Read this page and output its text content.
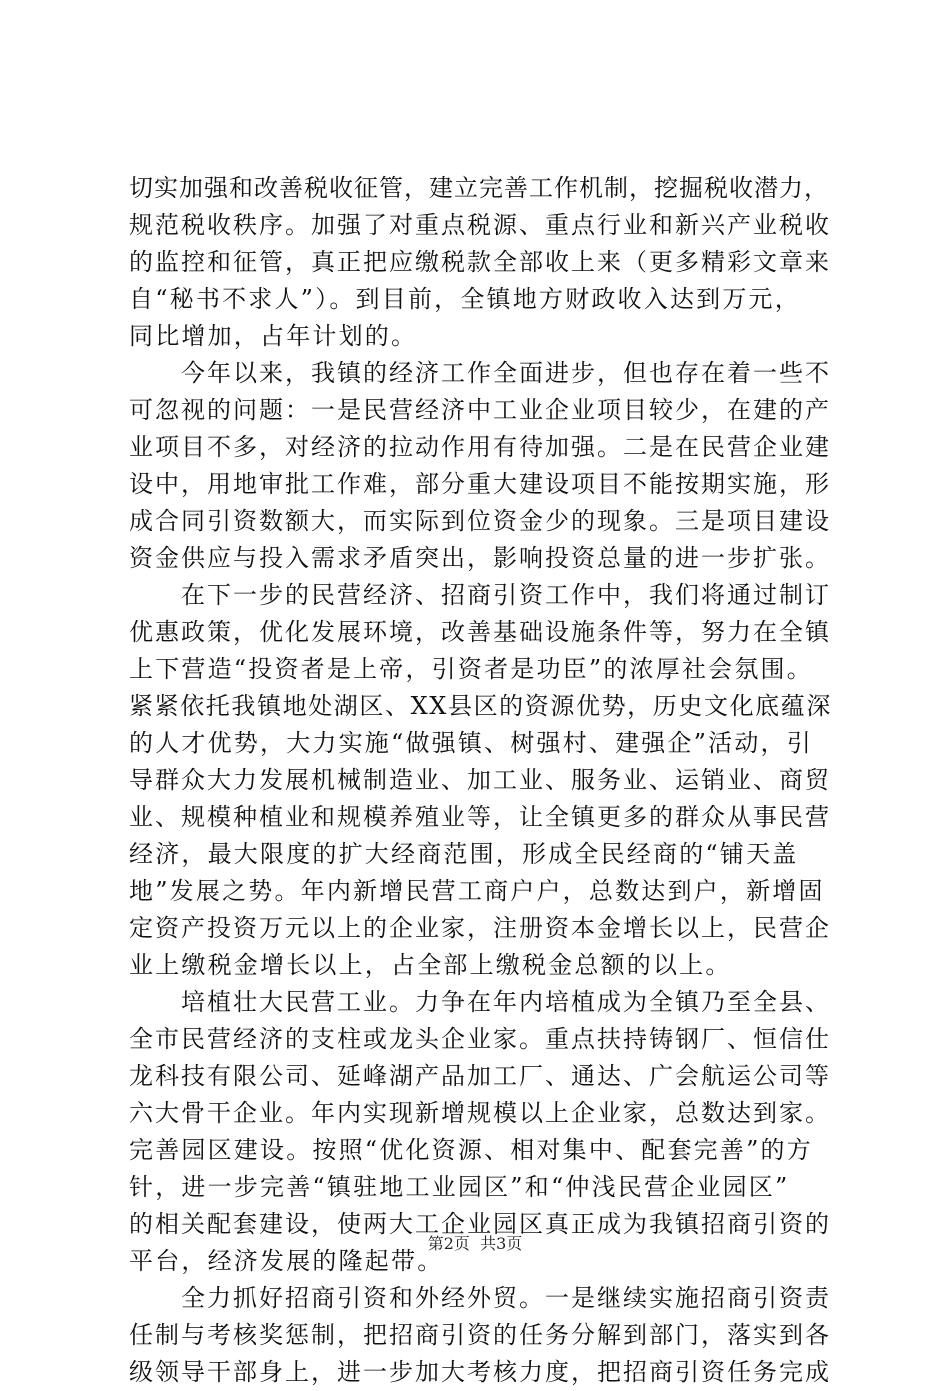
切实加强和改善税收征管，建立完善工作机制，挖掘税收潜力，
规范税收秩序。加强了对重点税源、重点行业和新兴产业税收
的监控和征管，真正把应缴税款全部收上来（更多精彩文章来
自“秘书不求人”）。到目前，全镇地方财政收入达到万元，
同比增加，占年计划的。
　　今年以来，我镇的经济工作全面进步，但也存在着一些不
可忽视的问题：一是民营经济中工业企业项目较少，在建的产
业项目不多，对经济的拉动作用有待加强。二是在民营企业建
设中，用地审批工作难，部分重大建设项目不能按期实施，形
成合同引资数额大，而实际到位资金少的现象。三是项目建设
资金供应与投入需求矛盾突出，影响投资总量的进一步扩张。
　　在下一步的民营经济、招商引资工作中，我们将通过制订
优惠政策，优化发展环境，改善基础设施条件等，努力在全镇
上下营造“投资者是上帝，引资者是功臣”的浓厚社会氛围。
紧紧依托我镇地处湖区、XX县区的资源优势，历史文化底蕴深
的人才优势，大力实施“做强镇、树强村、建强企”活动，引
导群众大力发展机械制造业、加工业、服务业、运销业、商贸
业、规模种植业和规模养殖业等，让全镇更多的群众从事民营
经济，最大限度的扩大经商范围，形成全民经商的“铺天盖
地”发展之势。年内新增民营工商户户，总数达到户，新增固
定资产投资万元以上的企业家，注册资本金增长以上，民营企
业上缴税金增长以上，占全部上缴税金总额的以上。
　　培植壮大民营工业。力争在年内培植成为全镇乃至全县、
全市民营经济的支柱或龙头企业家。重点扶持铸钢厂、恒信仕
龙科技有限公司、延峰湖产品加工厂、通达、广会航运公司等
六大骨干企业。年内实现新增规模以上企业家，总数达到家。
完善园区建设。按照“优化资源、相对集中、配套完善”的方
针，进一步完善“镇驻地工业园区”和“仲浅民营企业园区”
的相关配套建设，使两大工企业园区真正成为我镇招商引资的
平台，经济发展的隆起带。
　　全力抓好招商引资和外经外贸。一是继续实施招商引资责
任制与考核奖惩制，把招商引资的任务分解到部门，落实到各
级领导干部身上，进一步加大考核力度，把招商引资任务完成
第2页  共3页
